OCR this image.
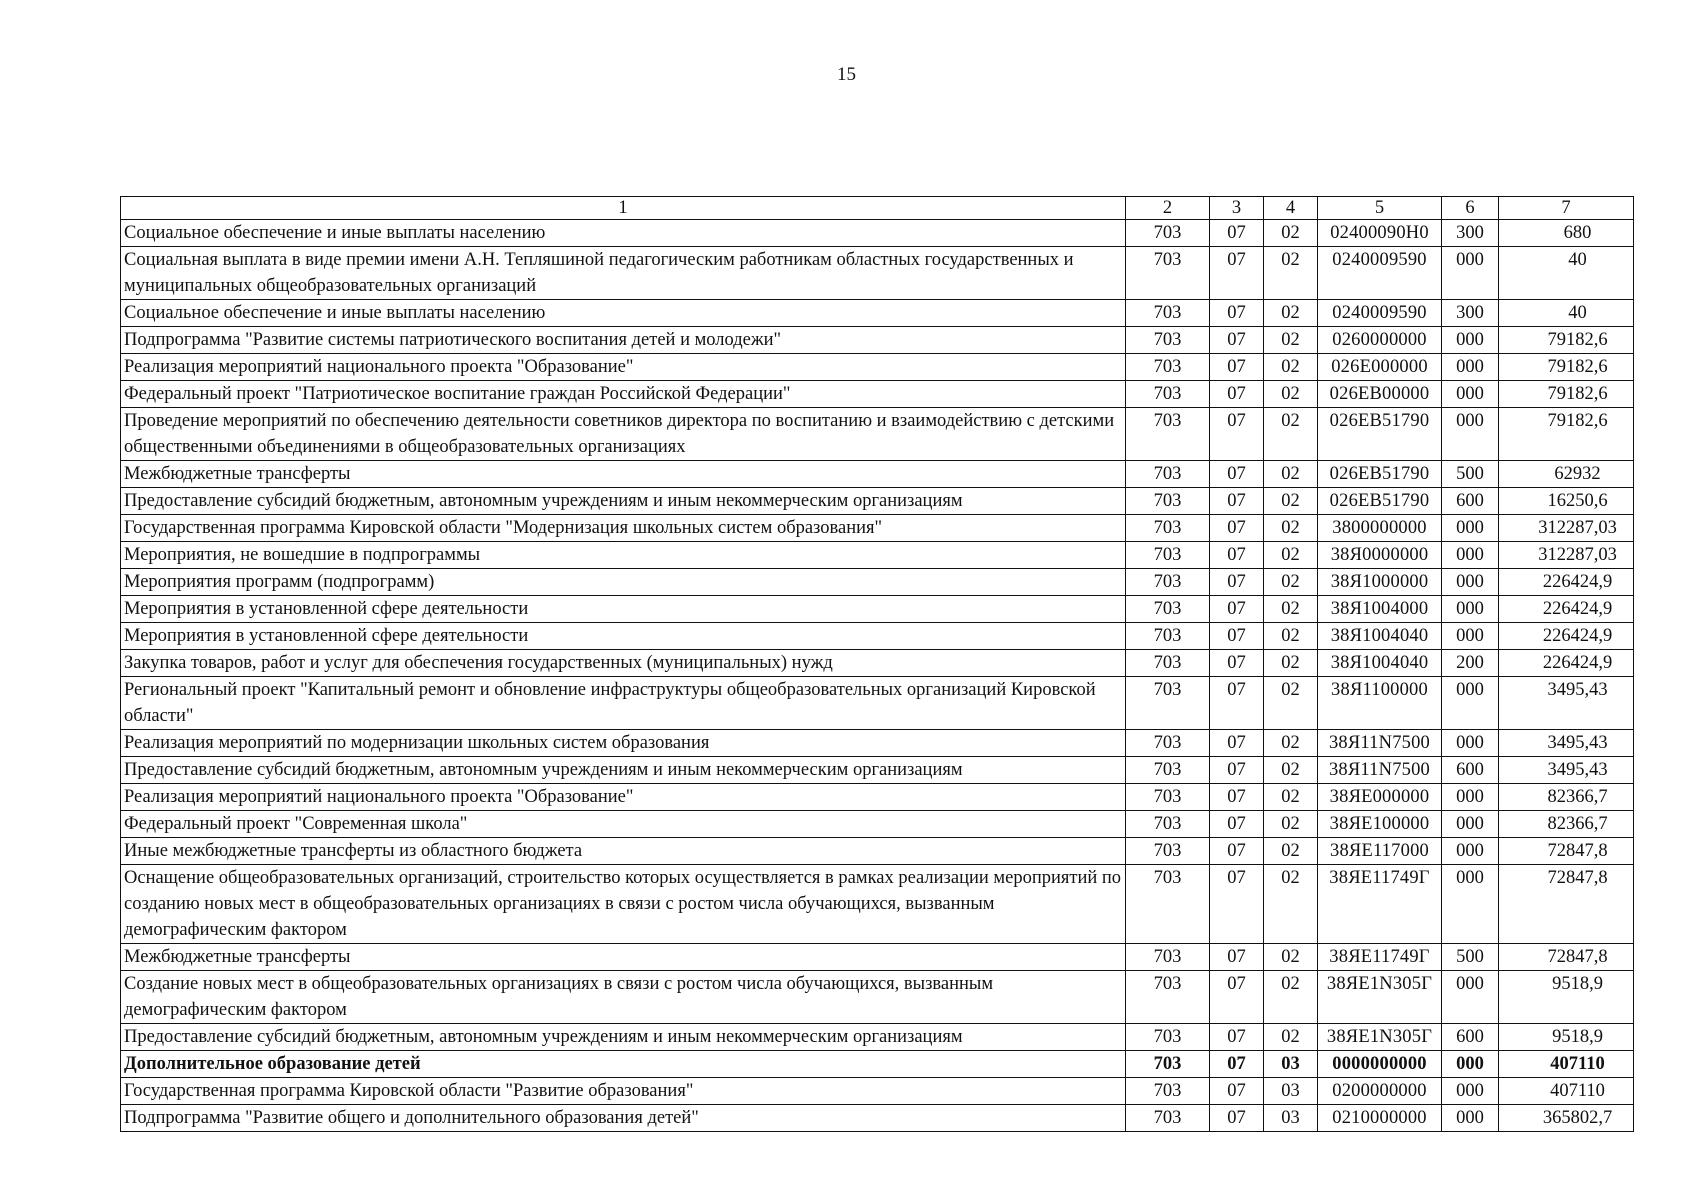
15
1	2	3	4	5	6	7
Социальное обеспечение и иные выплаты населению	703	07	02	02400090Н0	300	680
Социальная выплата в виде премии имени А.Н. Тепляшиной педагогическим работникам областных государственных и муниципальных общеобразовательных организаций	703	07	02	0240009590	000	40
Социальное обеспечение и иные выплаты населению	703	07	02	0240009590	300	40
Подпрограмма "Развитие системы патриотического воспитания детей и молодежи"	703	07	02	0260000000	000	79182,6
Реализация мероприятий национального проекта "Образование"	703	07	02	026Е000000	000	79182,6
Федеральный проект "Патриотическое воспитание граждан Российской Федерации"	703	07	02	026ЕВ00000	000	79182,6
Проведение мероприятий по обеспечению деятельности советников директора по воспитанию и взаимодействию с детскими общественными объединениями в общеобразовательных организациях	703	07	02	026ЕВ51790	000	79182,6
Межбюджетные трансферты	703	07	02	026ЕВ51790	500	62932
Предоставление субсидий бюджетным, автономным учреждениям и иным некоммерческим организациям	703	07	02	026ЕВ51790	600	16250,6
Государственная программа Кировской области "Модернизация школьных систем образования"	703	07	02	3800000000	000	312287,03
Мероприятия, не вошедшие в подпрограммы	703	07	02	38Я0000000	000	312287,03
Мероприятия программ (подпрограмм)	703	07	02	38Я1000000	000	226424,9
Мероприятия в установленной сфере деятельности	703	07	02	38Я1004000	000	226424,9
Мероприятия в установленной сфере деятельности	703	07	02	38Я1004040	000	226424,9
Закупка товаров, работ и услуг для обеспечения государственных (муниципальных) нужд	703	07	02	38Я1004040	200	226424,9
Региональный проект "Капитальный ремонт и обновление инфраструктуры общеобразовательных организаций Кировской области"	703	07	02	38Я1100000	000	3495,43
Реализация мероприятий по модернизации школьных систем образования	703	07	02	38Я11N7500	000	3495,43
Предоставление субсидий бюджетным, автономным учреждениям и иным некоммерческим организациям	703	07	02	38Я11N7500	600	3495,43
Реализация мероприятий национального проекта "Образование"	703	07	02	38ЯЕ000000	000	82366,7
Федеральный проект "Современная школа"	703	07	02	38ЯЕ100000	000	82366,7
Иные межбюджетные трансферты из областного бюджета	703	07	02	38ЯЕ117000	000	72847,8
Оснащение общеобразовательных организаций, строительство которых осуществляется в рамках реализации мероприятий по созданию новых мест в общеобразовательных организациях в связи с ростом числа обучающихся, вызванным демографическим фактором	703	07	02	38ЯЕ11749Г	000	72847,8
Межбюджетные трансферты	703	07	02	38ЯЕ11749Г	500	72847,8
Создание новых мест в общеобразовательных организациях в связи с ростом числа обучающихся, вызванным демографическим фактором	703	07	02	38ЯЕ1N305Г	000	9518,9
Предоставление субсидий бюджетным, автономным учреждениям и иным некоммерческим организациям	703	07	02	38ЯЕ1N305Г	600	9518,9
Дополнительное образование детей	703	07	03	0000000000	000	407110
Государственная программа Кировской области "Развитие образования"	703	07	03	0200000000	000	407110
Подпрограмма "Развитие общего и дополнительного образования детей"	703	07	03	0210000000	000	365802,7
